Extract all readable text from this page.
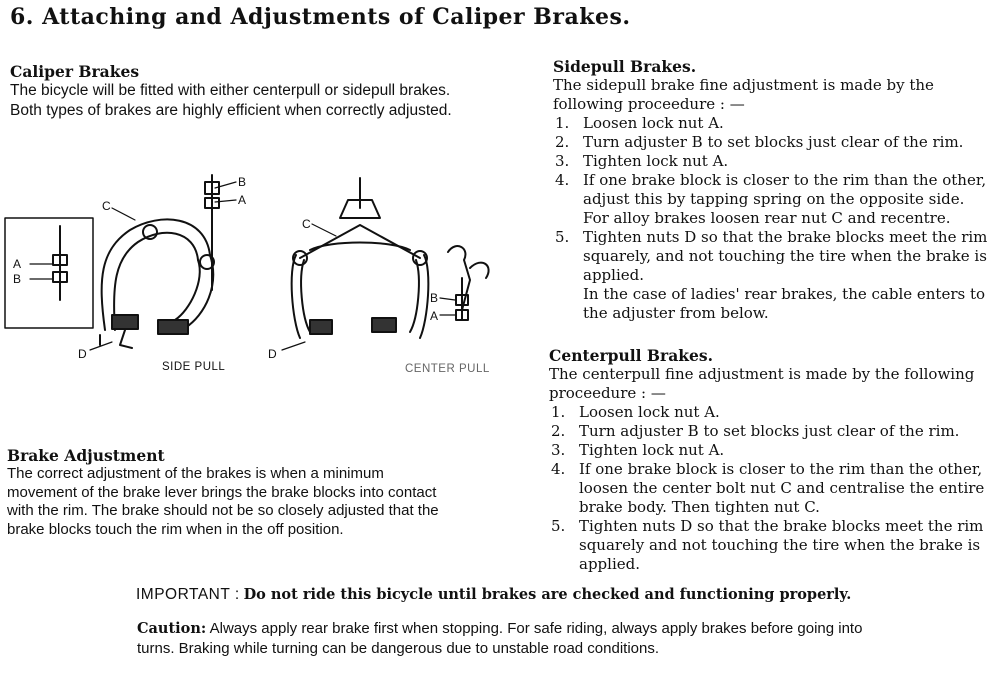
6. Attaching and Adjustments of Caliper Brakes.
Caliper Brakes
The bicycle will be fitted with either centerpull or sidepull brakes. Both types of brakes are highly efficient when correctly adjusted.
A
B
B
A
C
D
C
D
B
A
SIDE PULL	CENTER PULL
Brake Adjustment
The correct adjustment of the brakes is when a minimum movement of the brake lever brings the brake blocks into contact with the rim. The brake should not be so closely adjusted that the brake blocks touch the rim when in the off position.
Sidepull Brakes.
The sidepull brake fine adjustment is made by the following proceedure : —
1. Loosen lock nut A.
2. Turn adjuster B to set blocks just clear of the rim.
3. Tighten lock nut A.
4. If one brake block is closer to the rim than the other, adjust this by tapping spring on the opposite side. For alloy brakes loosen rear nut C and recentre.
5. Tighten nuts D so that the brake blocks meet the rim squarely, and not touching the tire when the brake is applied.
In the case of ladies' rear brakes, the cable enters to the adjuster from below.
Centerpull Brakes.
The centerpull fine adjustment is made by the following proceedure : —
1. Loosen lock nut A.
2. Turn adjuster B to set blocks just clear of the rim.
3. Tighten lock nut A.
4. If one brake block is closer to the rim than the other, loosen the center bolt nut C and centralise the entire brake body. Then tighten nut C.
5. Tighten nuts D so that the brake blocks meet the rim squarely and not touching the tire when the brake is applied.
IMPORTANT : Do not ride this bicycle until brakes are checked and functioning properly.
Caution: Always apply rear brake first when stopping. For safe riding, always apply brakes before going into turns. Braking while turning can be dangerous due to unstable road conditions.
